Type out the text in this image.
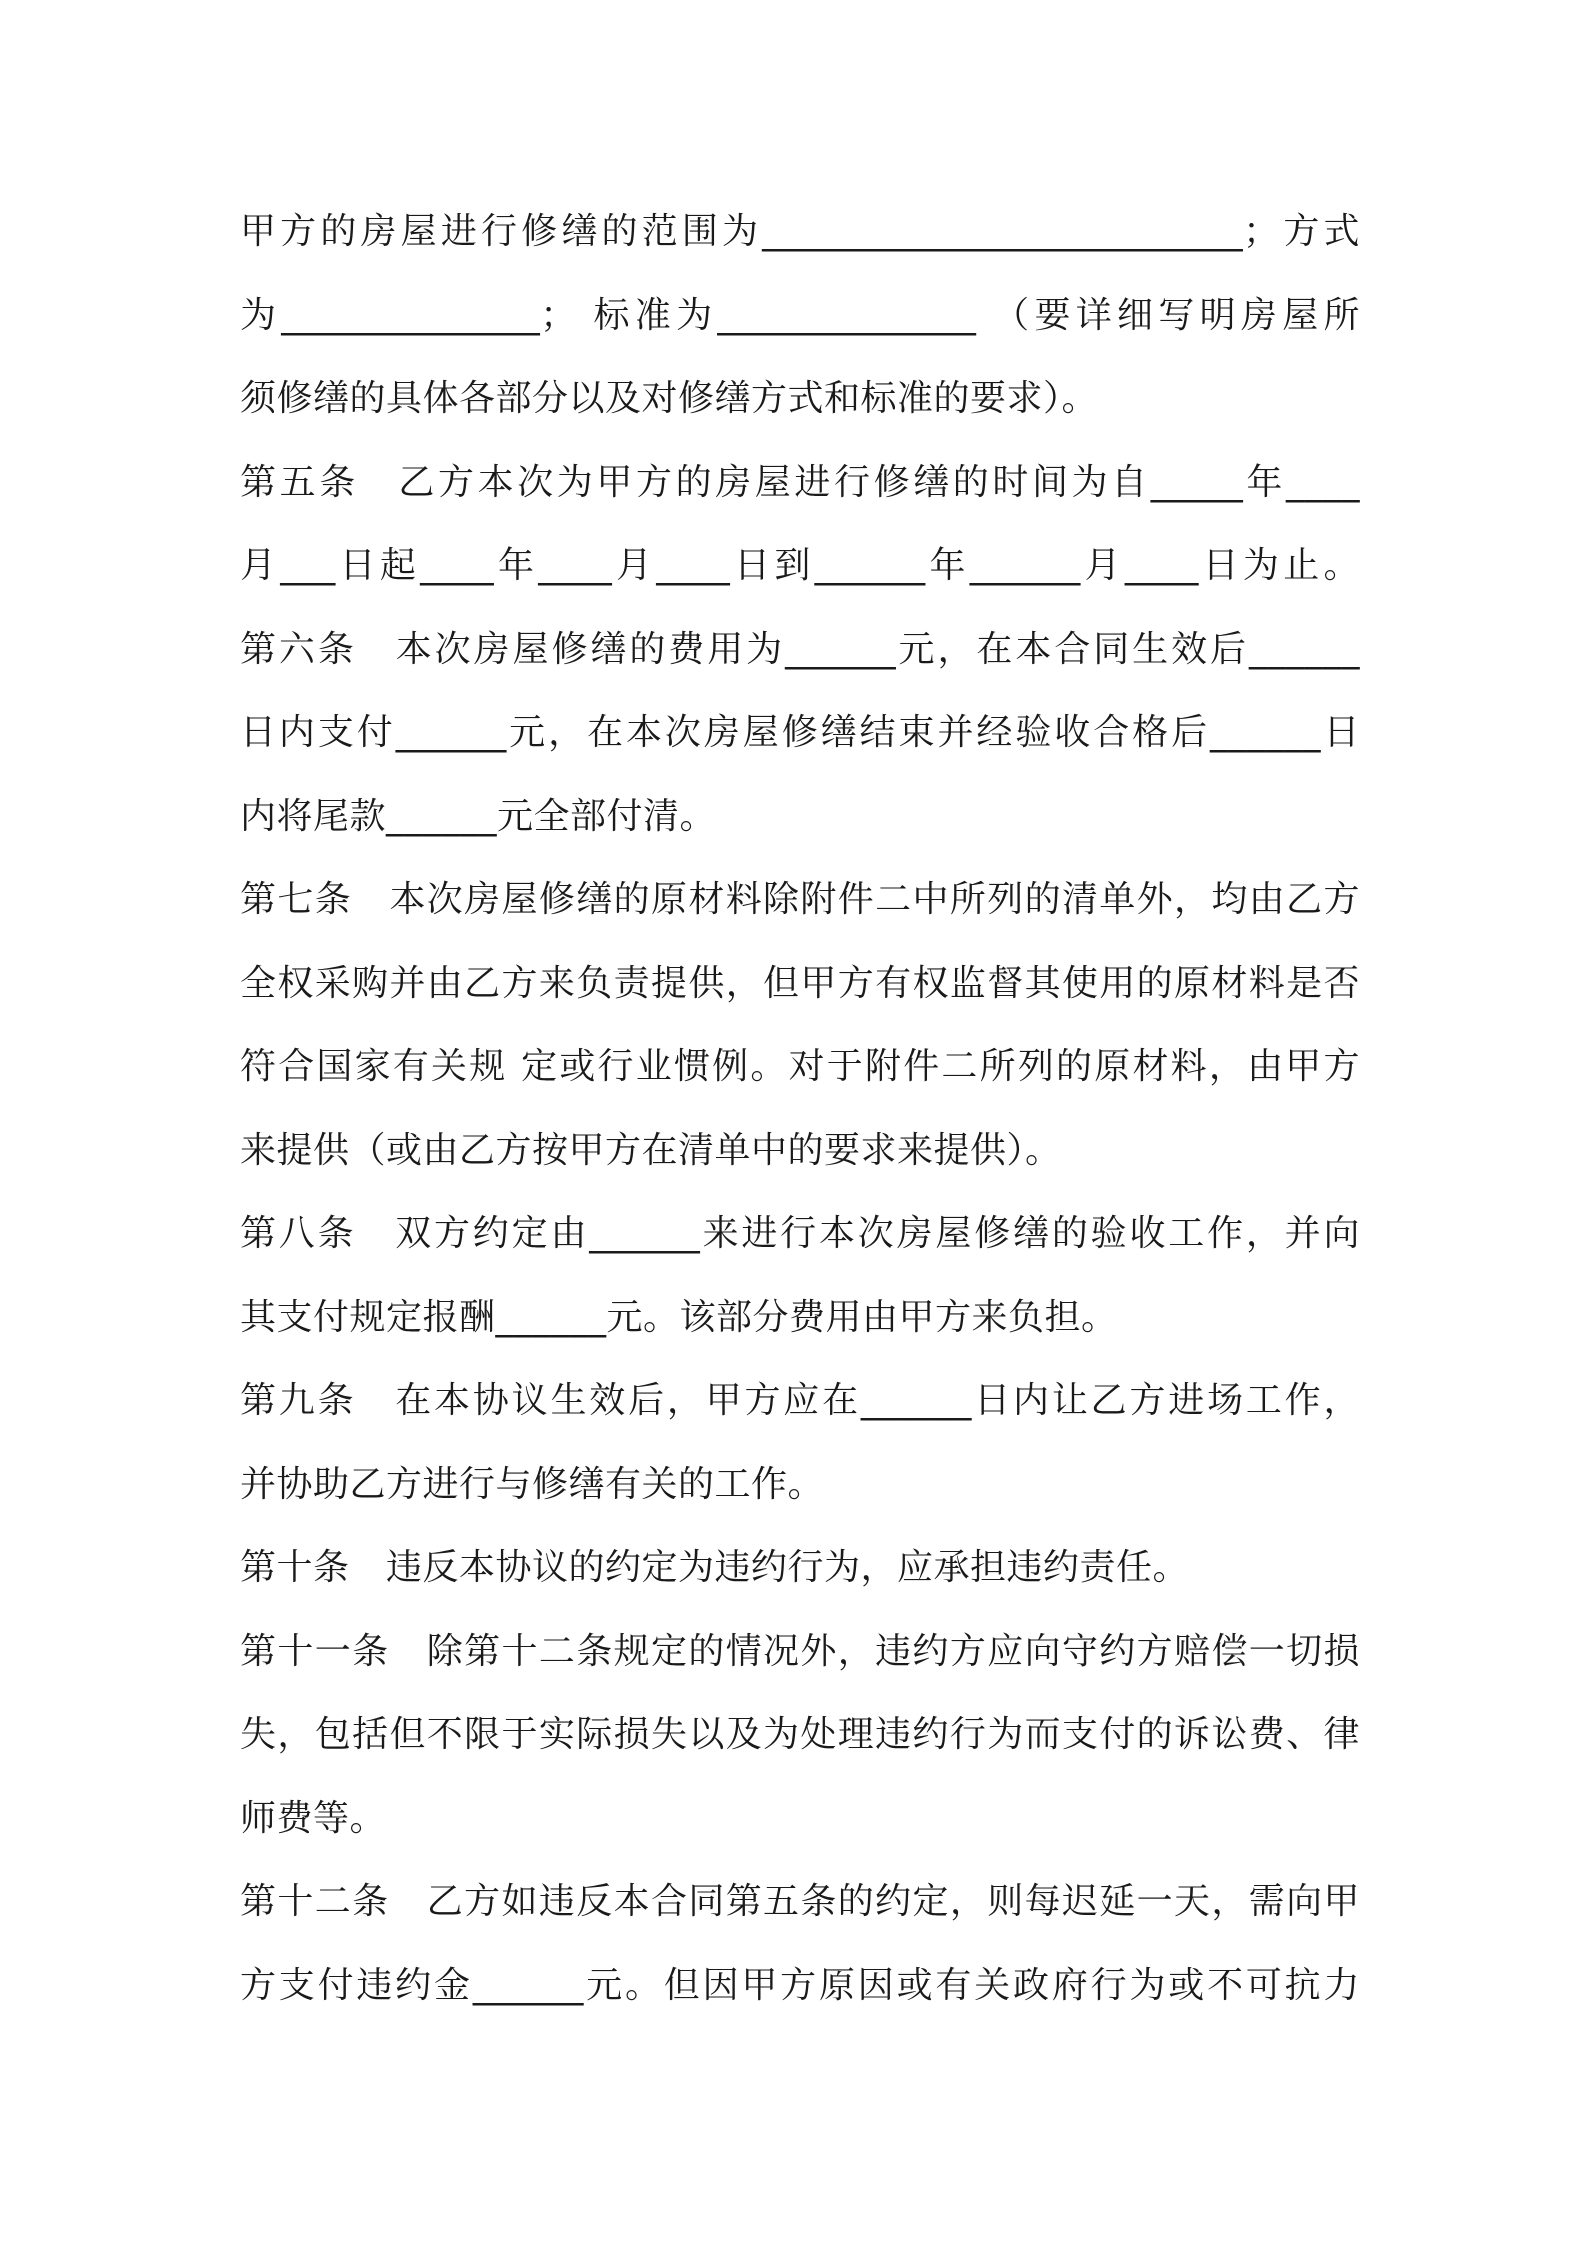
甲方的房屋进行修缮的范围为__________________________；方式
为______________； 标准为______________ （要详细写明房屋所
须修缮的具体各部分以及对修缮方式和标准的要求）。
第五条　乙方本次为甲方的房屋进行修缮的时间为自_____年____
月___日起____年____月____日到______年______月____日为止。
第六条　本次房屋修缮的费用为______元，在本合同生效后______
日内支付______元，在本次房屋修缮结束并经验收合格后______日
内将尾款______元全部付清。
第七条　本次房屋修缮的原材料除附件二中所列的清单外，均由乙方
全权采购并由乙方来负责提供，但甲方有权监督其使用的原材料是否
符合国家有关规 定或行业惯例。对于附件二所列的原材料，由甲方
来提供（或由乙方按甲方在清单中的要求来提供）。
第八条　双方约定由______来进行本次房屋修缮的验收工作，并向
其支付规定报酬______元。该部分费用由甲方来负担。
第九条　在本协议生效后，甲方应在______日内让乙方进场工作，
并协助乙方进行与修缮有关的工作。
第十条　违反本协议的约定为违约行为，应承担违约责任。
第十一条　除第十二条规定的情况外，违约方应向守约方赔偿一切损
失，包括但不限于实际损失以及为处理违约行为而支付的诉讼费、律
师费等。
第十二条　乙方如违反本合同第五条的约定，则每迟延一天，需向甲
方支付违约金______元。但因甲方原因或有关政府行为或不可抗力
